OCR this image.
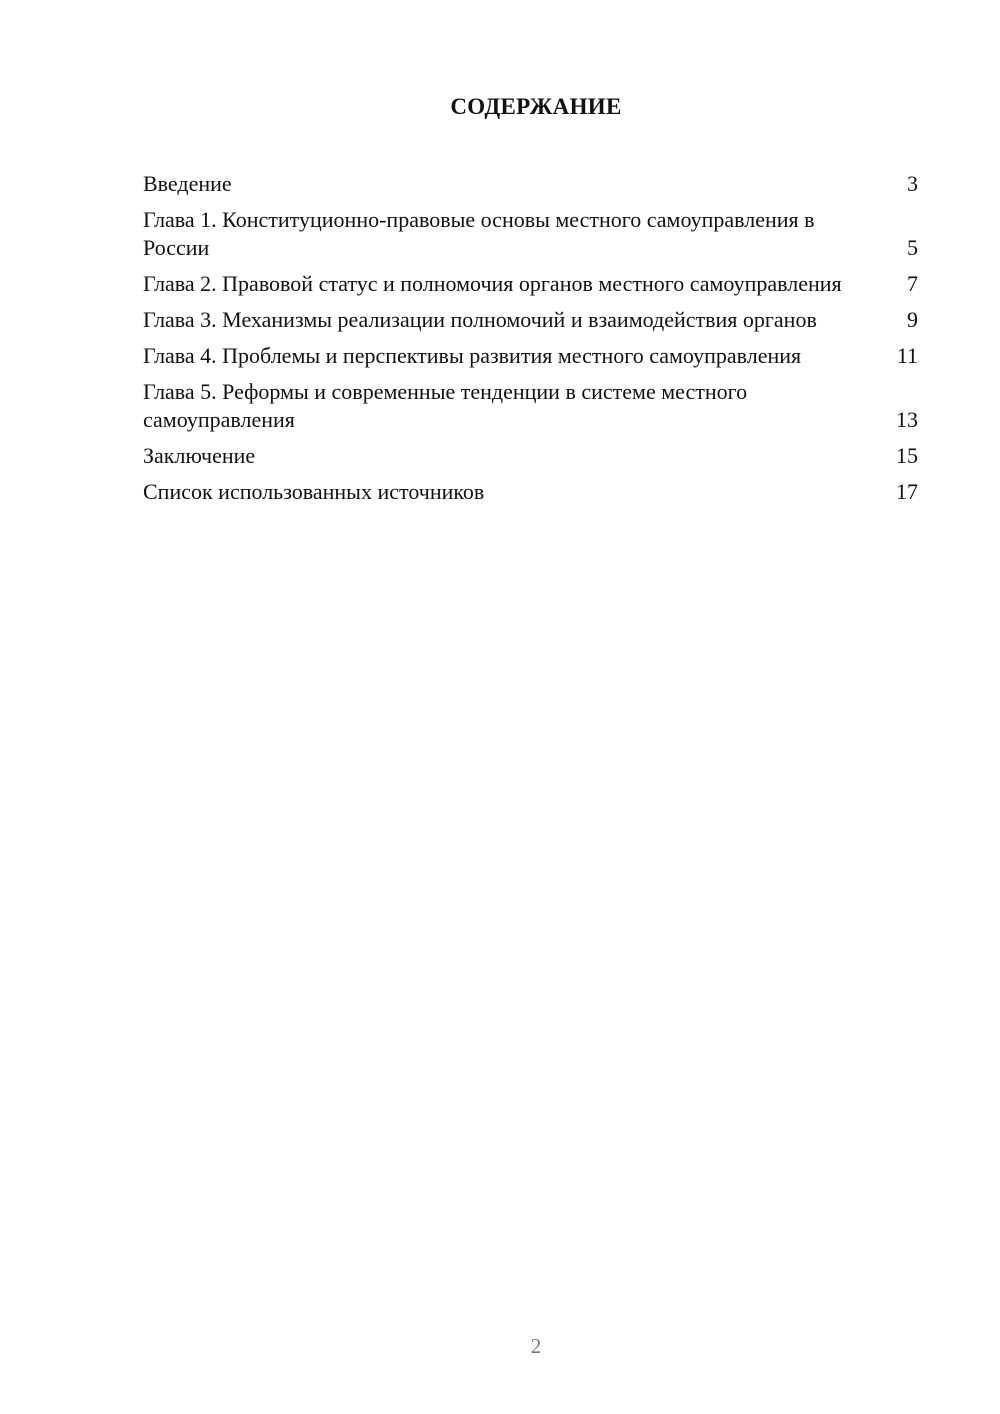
СОДЕРЖАНИЕ
Введение	3
Глава 1. Конституционно-правовые основы местного самоуправления в России	5
Глава 2. Правовой статус и полномочия органов местного самоуправления	7
Глава 3. Механизмы реализации полномочий и взаимодействия органов	9
Глава 4. Проблемы и перспективы развития местного самоуправления	11
Глава 5. Реформы и современные тенденции в системе местного самоуправления	13
Заключение	15
Список использованных источников	17
2
